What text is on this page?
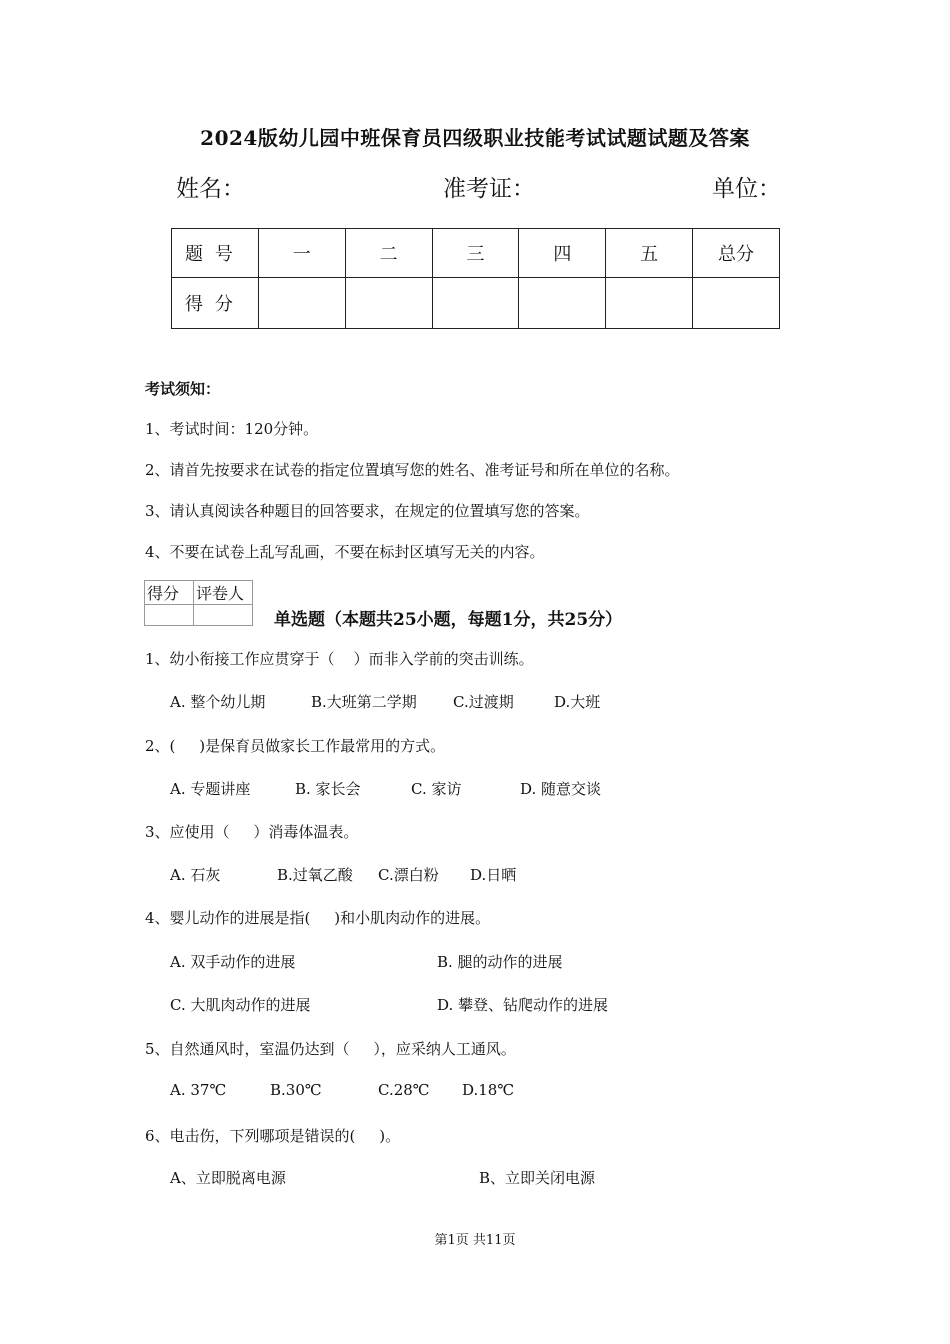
2024版幼儿园中班保育员四级职业技能考试试题试题及答案
姓名：	准考证：	单位：
题号	一	二	三	四	五	总分
得分						
考试须知：
1、考试时间：120分钟。
2、请首先按要求在试卷的指定位置填写您的姓名、准考证号和所在单位的名称。
3、请认真阅读各种题目的回答要求，在规定的位置填写您的答案。
4、不要在试卷上乱写乱画，不要在标封区填写无关的内容。
得分	评卷人

单选题（本题共25小题，每题1分，共25分）
1、幼小衔接工作应贯穿于（    ）而非入学前的突击训练。
A. 整个幼儿期	B.大班第二学期 C.过渡期	D.大班
2、(     )是保育员做家长工作最常用的方式。
A. 专题讲座	B. 家长会	C. 家访	D. 随意交谈
3、应使用（     ）消毒体温表。
A. 石灰	B.过氧乙酸 C.漂白粉 D.日晒
4、婴儿动作的进展是指(     )和小肌肉动作的进展。
A. 双手动作的进展	B. 腿的动作的进展
C. 大肌肉动作的进展	D. 攀登、钻爬动作的进展
5、自然通风时，室温仍达到（     ），应采纳人工通风。
A. 37℃	B.30℃	C.28℃ D.18℃
6、电击伤，下列哪项是错误的(     )。
A、立即脱离电源	B、立即关闭电源
第1页 共11页
